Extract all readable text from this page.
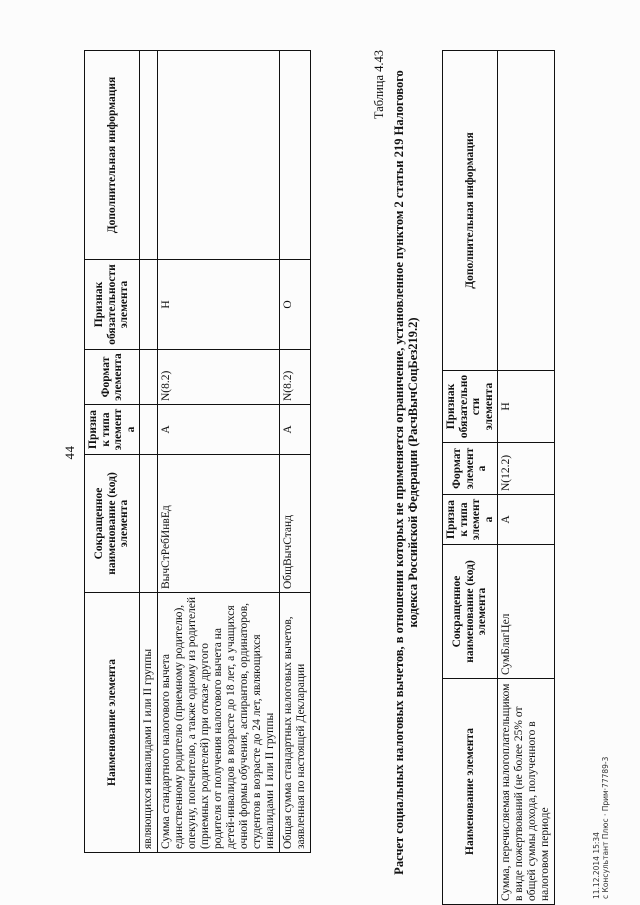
44
Наименование элемента	Сокращенное наименование (код) элемента	Признак типа элемента	Формат элемента	Признак обязательности элемента	Дополнительная информация
являющихся инвалидами I или II группы					
Сумма стандартного налогового вычета единственному родителю (приемному родителю), опекуну, попечителю, а также одному из родителей (приемных родителей) при отказе другого родителя от получения налогового вычета на детей-инвалидов в возрасте до 18 лет, а учащихся очной формы обучения, аспирантов, ординаторов, студентов в возрасте до 24 лет, являющихся инвалидами I или II группы	ВычСтРебИнвЕд	А	N(8.2)	Н	
Общая сумма стандартных налоговых вычетов, заявленная по настоящей Декларации	ОбщВычСтанд	А	N(8.2)	О	
Таблица 4.43 Расчет социальных налоговых вычетов, в отношении которых не применяется ограничение, установленное пунктом 2 статьи 219 Налогового кодекса Российской Федерации (РасчВычСоцБез219.2)
Наименование элемента	Сокращенное наименование (код) элемента	Признак типа элемента	Формат элемента	Признак обязательности элемента	Дополнительная информация
Сумма, перечисляемая налогоплательщиком в виде пожертвований (не более 25% от общей суммы дохода, полученного в налоговом периоде	СумБлагЦел	А	N(12.2)	Н	
11.12.2014 15:34 с Консультант Плюс · Прим·77789-3
